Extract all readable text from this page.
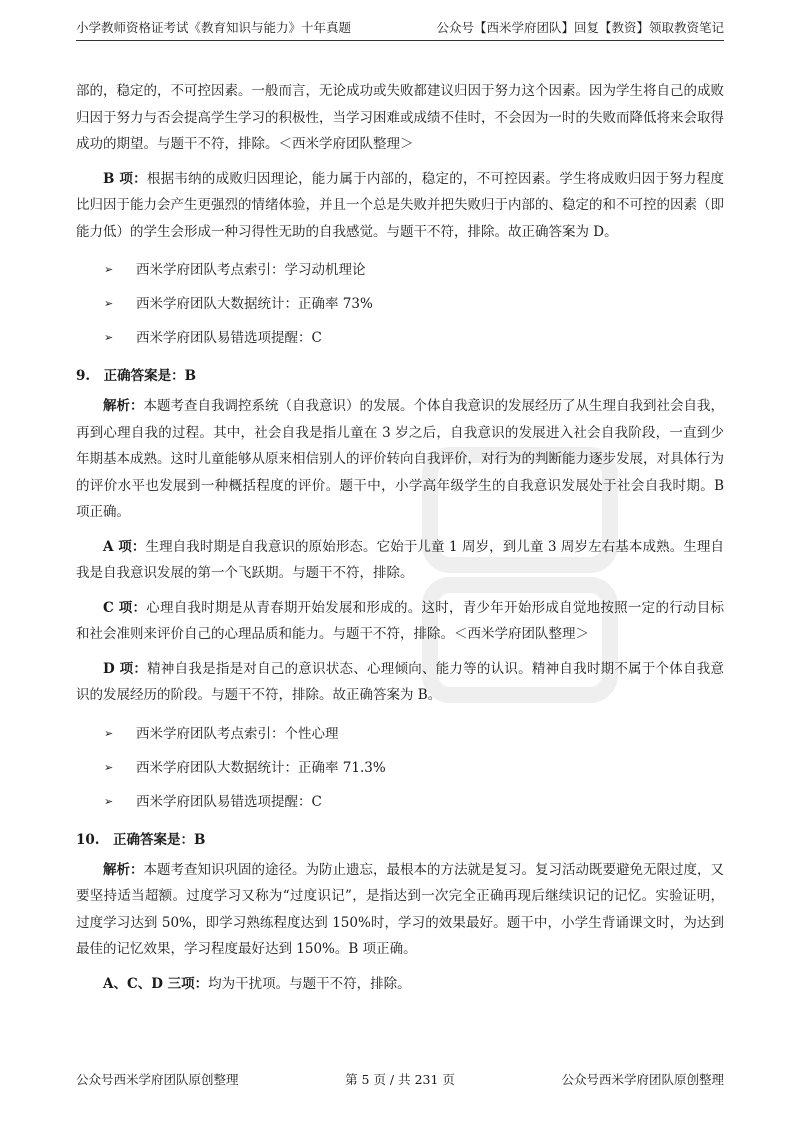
小学教师资格证考试《教育知识与能力》十年真题	公众号【西米学府团队】回复【教资】领取教资笔记

部的，稳定的，不可控因素。一般而言，无论成功或失败都建议归因于努力这个因素。因为学生将自己的成败归因于努力与否会提高学生学习的积极性，当学习困难或成绩不佳时，不会因为一时的失败而降低将来会取得成功的期望。与题干不符，排除。＜西米学府团队整理＞

B 项：根据韦纳的成败归因理论，能力属于内部的，稳定的，不可控因素。学生将成败归因于努力程度比归因于能力会产生更强烈的情绪体验，并且一个总是失败并把失败归于内部的、稳定的和不可控的因素（即能力低）的学生会形成一种习得性无助的自我感觉。与题干不符，排除。故正确答案为 D。

➢	西米学府团队考点索引：学习动机理论
➢	西米学府团队大数据统计：正确率 73%
➢	西米学府团队易错选项提醒：C
9.　正确答案是：B

解析：本题考查自我调控系统（自我意识）的发展。个体自我意识的发展经历了从生理自我到社会自我，再到心理自我的过程。其中，社会自我是指儿童在 3 岁之后，自我意识的发展进入社会自我阶段，一直到少年期基本成熟。这时儿童能够从原来相信别人的评价转向自我评价，对行为的判断能力逐步发展，对具体行为的评价水平也发展到一种概括程度的评价。题干中，小学高年级学生的自我意识发展处于社会自我时期。B 项正确。

A 项：生理自我时期是自我意识的原始形态。它始于儿童 1 周岁，到儿童 3 周岁左右基本成熟。生理自我是自我意识发展的第一个飞跃期。与题干不符，排除。

C 项：心理自我时期是从青春期开始发展和形成的。这时，青少年开始形成自觉地按照一定的行动目标和社会准则来评价自己的心理品质和能力。与题干不符，排除。＜西米学府团队整理＞

D 项：精神自我是指是对自己的意识状态、心理倾向、能力等的认识。精神自我时期不属于个体自我意识的发展经历的阶段。与题干不符，排除。故正确答案为 B。

➢	西米学府团队考点索引：个性心理
➢	西米学府团队大数据统计：正确率 71.3%
➢	西米学府团队易错选项提醒：C
10.　正确答案是：B

解析：本题考查知识巩固的途径。为防止遗忘，最根本的方法就是复习。复习活动既要避免无限过度，又要坚持适当超额。过度学习又称为“过度识记”，是指达到一次完全正确再现后继续识记的记忆。实验证明，过度学习达到 50%，即学习熟练程度达到 150%时，学习的效果最好。题干中，小学生背诵课文时，为达到最佳的记忆效果，学习程度最好达到 150%。B 项正确。

A、C、D 三项：均为干扰项。与题干不符，排除。

公众号西米学府团队原创整理	第 5 页 / 共 231 页	公众号西米学府团队原创整理
